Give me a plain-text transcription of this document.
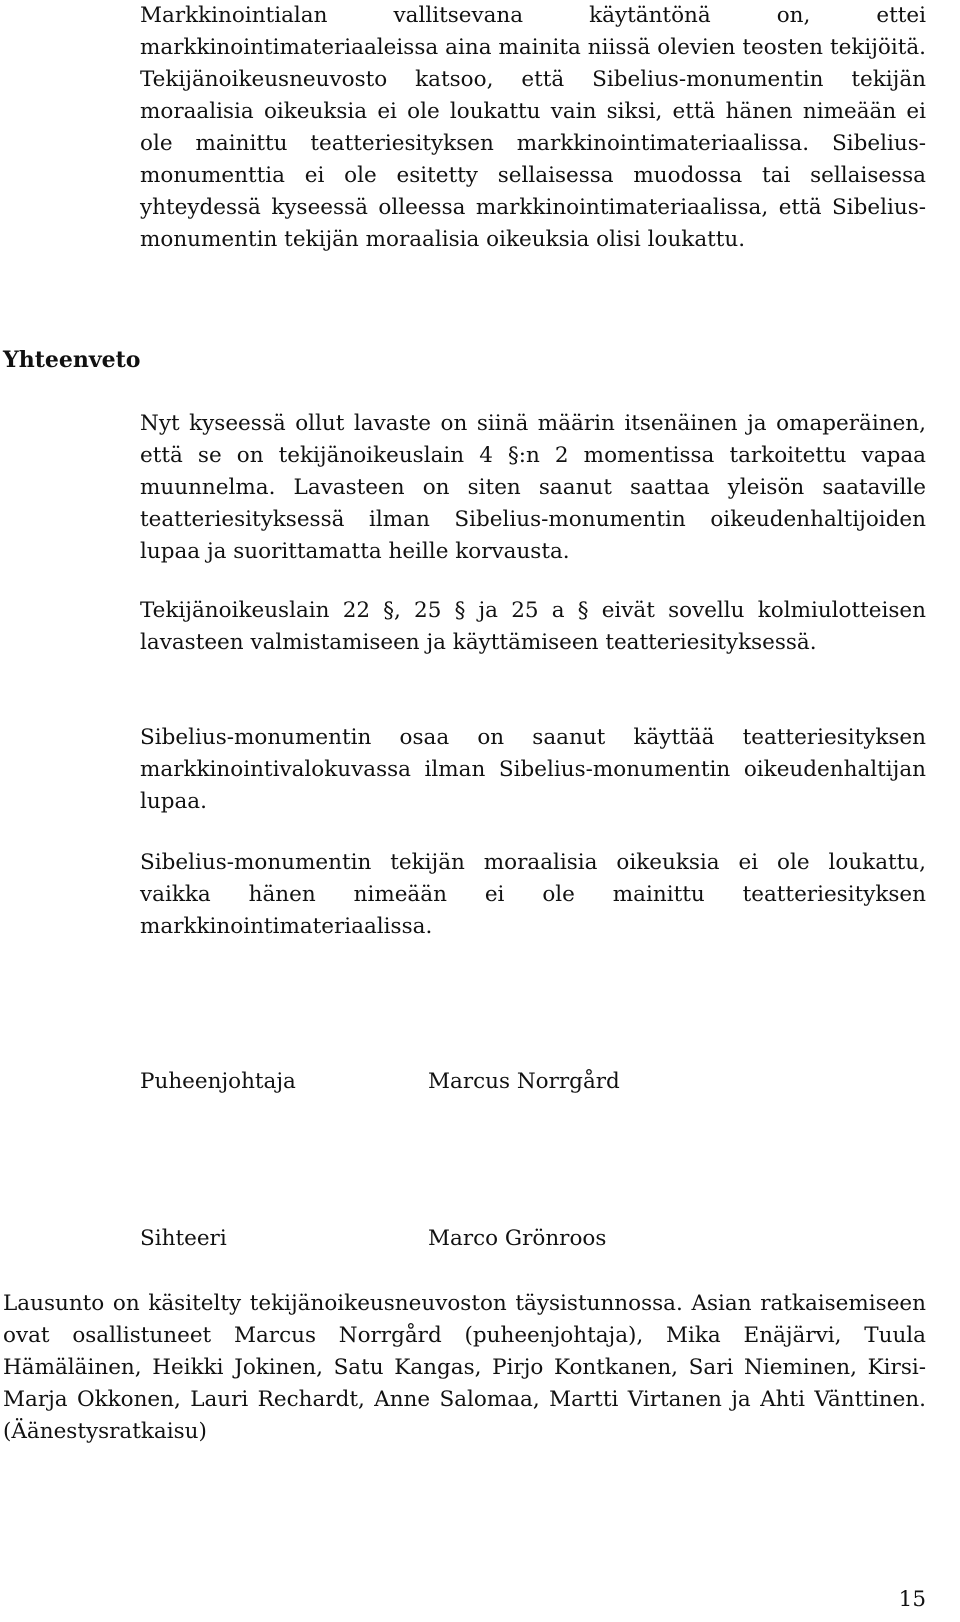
Markkinointialan vallitsevana käytäntönä on, ettei markkinointimateriaaleissa aina mainita niissä olevien teosten tekijöitä. Tekijänoikeusneuvosto katsoo, että Sibelius-monumentin tekijän moraalisia oikeuksia ei ole loukattu vain siksi, että hänen nimeään ei ole mainittu teatteriesityksen markkinointimateriaalissa. Sibelius-monumenttia ei ole esitetty sellaisessa muodossa tai sellaisessa yhteydessä kyseessä olleessa markkinointimateriaalissa, että Sibelius-monumentin tekijän moraalisia oikeuksia olisi loukattu.

Yhteenveto

Nyt kyseessä ollut lavaste on siinä määrin itsenäinen ja omaperäinen, että se on tekijänoikeuslain 4 §:n 2 momentissa tarkoitettu vapaa muunnelma. Lavasteen on siten saanut saattaa yleisön saataville teatteriesityksessä ilman Sibelius-monumentin oikeudenhaltijoiden lupaa ja suorittamatta heille korvausta.

Tekijänoikeuslain 22 §, 25 § ja 25 a § eivät sovellu kolmiulotteisen lavasteen valmistamiseen ja käyttämiseen teatteriesityksessä.

Sibelius-monumentin osaa on saanut käyttää teatteriesityksen markkinointivalokuvassa ilman Sibelius-monumentin oikeudenhaltijan lupaa.

Sibelius-monumentin tekijän moraalisia oikeuksia ei ole loukattu, vaikka hänen nimeään ei ole mainittu teatteriesityksen markkinointimateriaalissa.

Puheenjohtaja	Marcus Norrgård

Sihteeri	Marco Grönroos

Lausunto on käsitelty tekijänoikeusneuvoston täysistunnossa. Asian ratkaisemiseen ovat osallistuneet Marcus Norrgård (puheenjohtaja), Mika Enäjärvi, Tuula Hämäläinen, Heikki Jokinen, Satu Kangas, Pirjo Kontkanen, Sari Nieminen, Kirsi-Marja Okkonen, Lauri Rechardt, Anne Salomaa, Martti Virtanen ja Ahti Vänttinen. (Äänestysratkaisu)

15
